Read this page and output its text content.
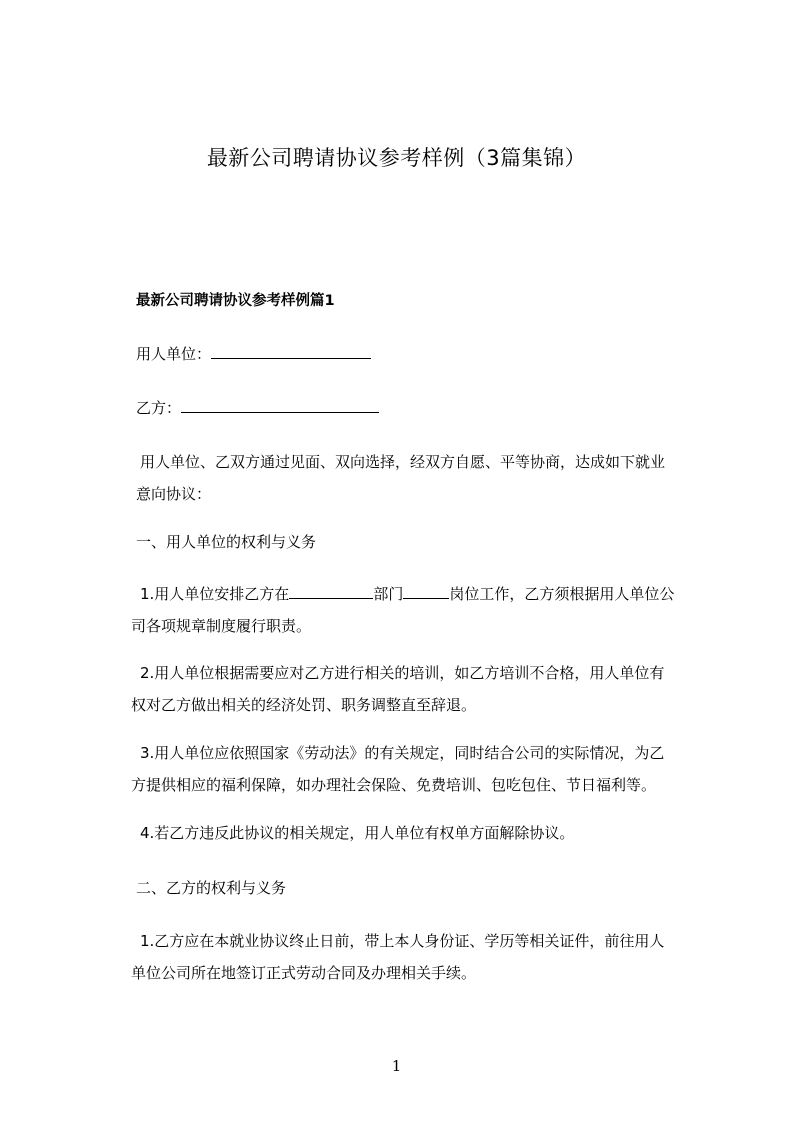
最新公司聘请协议参考样例（3篇集锦）
最新公司聘请协议参考样例篇1
用人单位：
乙方：
用人单位、乙双方通过见面、双向选择，经双方自愿、平等协商，达成如下就业
意向协议：
一、用人单位的权利与义务
1.用人单位安排乙方在	部门	岗位工作，乙方须根据用人单位公
司各项规章制度履行职责。
2.用人单位根据需要应对乙方进行相关的培训，如乙方培训不合格，用人单位有
权对乙方做出相关的经济处罚、职务调整直至辞退。
3.用人单位应依照国家《劳动法》的有关规定，同时结合公司的实际情况，为乙
方提供相应的福利保障，如办理社会保险、免费培训、包吃包住、节日福利等。
4.若乙方违反此协议的相关规定，用人单位有权单方面解除协议。
二、乙方的权利与义务
1.乙方应在本就业协议终止日前，带上本人身份证、学历等相关证件，前往用人
单位公司所在地签订正式劳动合同及办理相关手续。
1
